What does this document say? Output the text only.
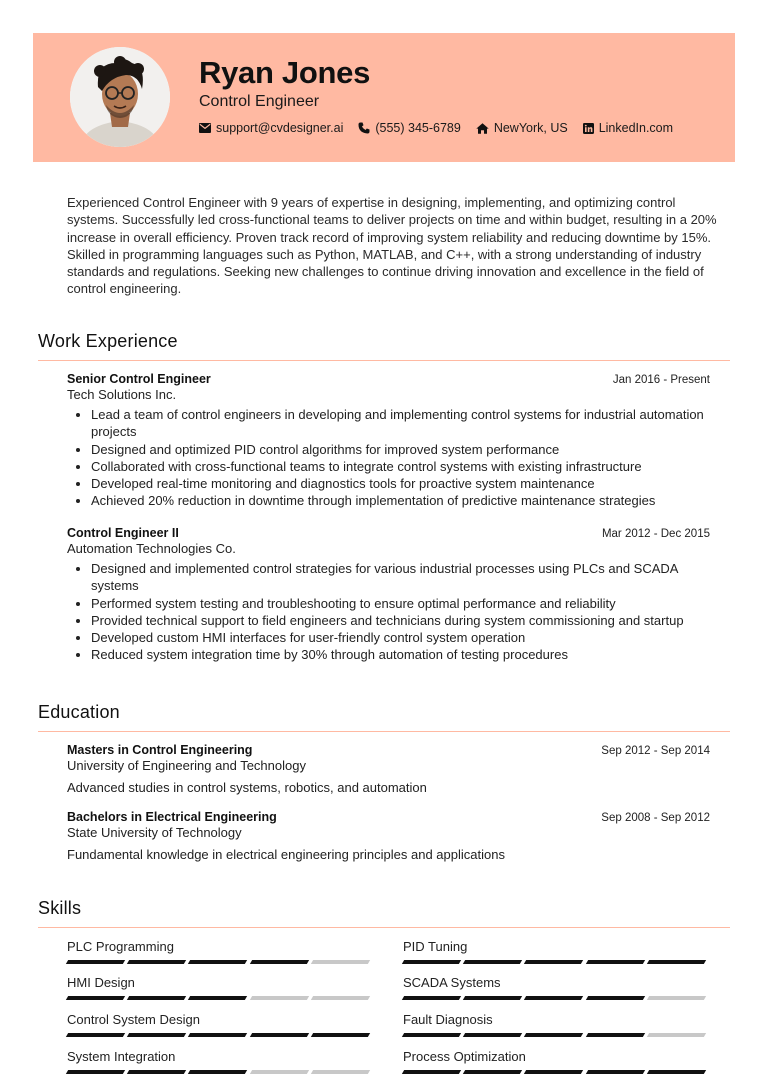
Ryan Jones
Control Engineer
support@cvdesigner.ai	(555) 345-6789	NewYork, US LinkedIn.com

Experienced Control Engineer with 9 years of expertise in designing, implementing, and optimizing control systems. Successfully led cross-functional teams to deliver projects on time and within budget, resulting in a 20% increase in overall efficiency. Proven track record of improving system reliability and reducing downtime by 15%. Skilled in programming languages such as Python, MATLAB, and C++, with a strong understanding of industry standards and regulations. Seeking new challenges to continue driving innovation and excellence in the field of control engineering.

Work Experience
Senior Control Engineer	Jan 2016 - Present
Tech Solutions Inc.
• Lead a team of control engineers in developing and implementing control systems for industrial automation projects
• Designed and optimized PID control algorithms for improved system performance
• Collaborated with cross-functional teams to integrate control systems with existing infrastructure
• Developed real-time monitoring and diagnostics tools for proactive system maintenance
• Achieved 20% reduction in downtime through implementation of predictive maintenance strategies
Control Engineer II	Mar 2012 - Dec 2015
Automation Technologies Co.
• Designed and implemented control strategies for various industrial processes using PLCs and SCADA systems
• Performed system testing and troubleshooting to ensure optimal performance and reliability
• Provided technical support to field engineers and technicians during system commissioning and startup
• Developed custom HMI interfaces for user-friendly control system operation
• Reduced system integration time by 30% through automation of testing procedures
Education
Masters in Control Engineering	Sep 2012 - Sep 2014
University of Engineering and Technology
Advanced studies in control systems, robotics, and automation
Bachelors in Electrical Engineering	Sep 2008 - Sep 2012
State University of Technology
Fundamental knowledge in electrical engineering principles and applications
Skills
PLC Programming	PID Tuning
HMI Design	SCADA Systems
Control System Design	Fault Diagnosis
System Integration	Process Optimization
